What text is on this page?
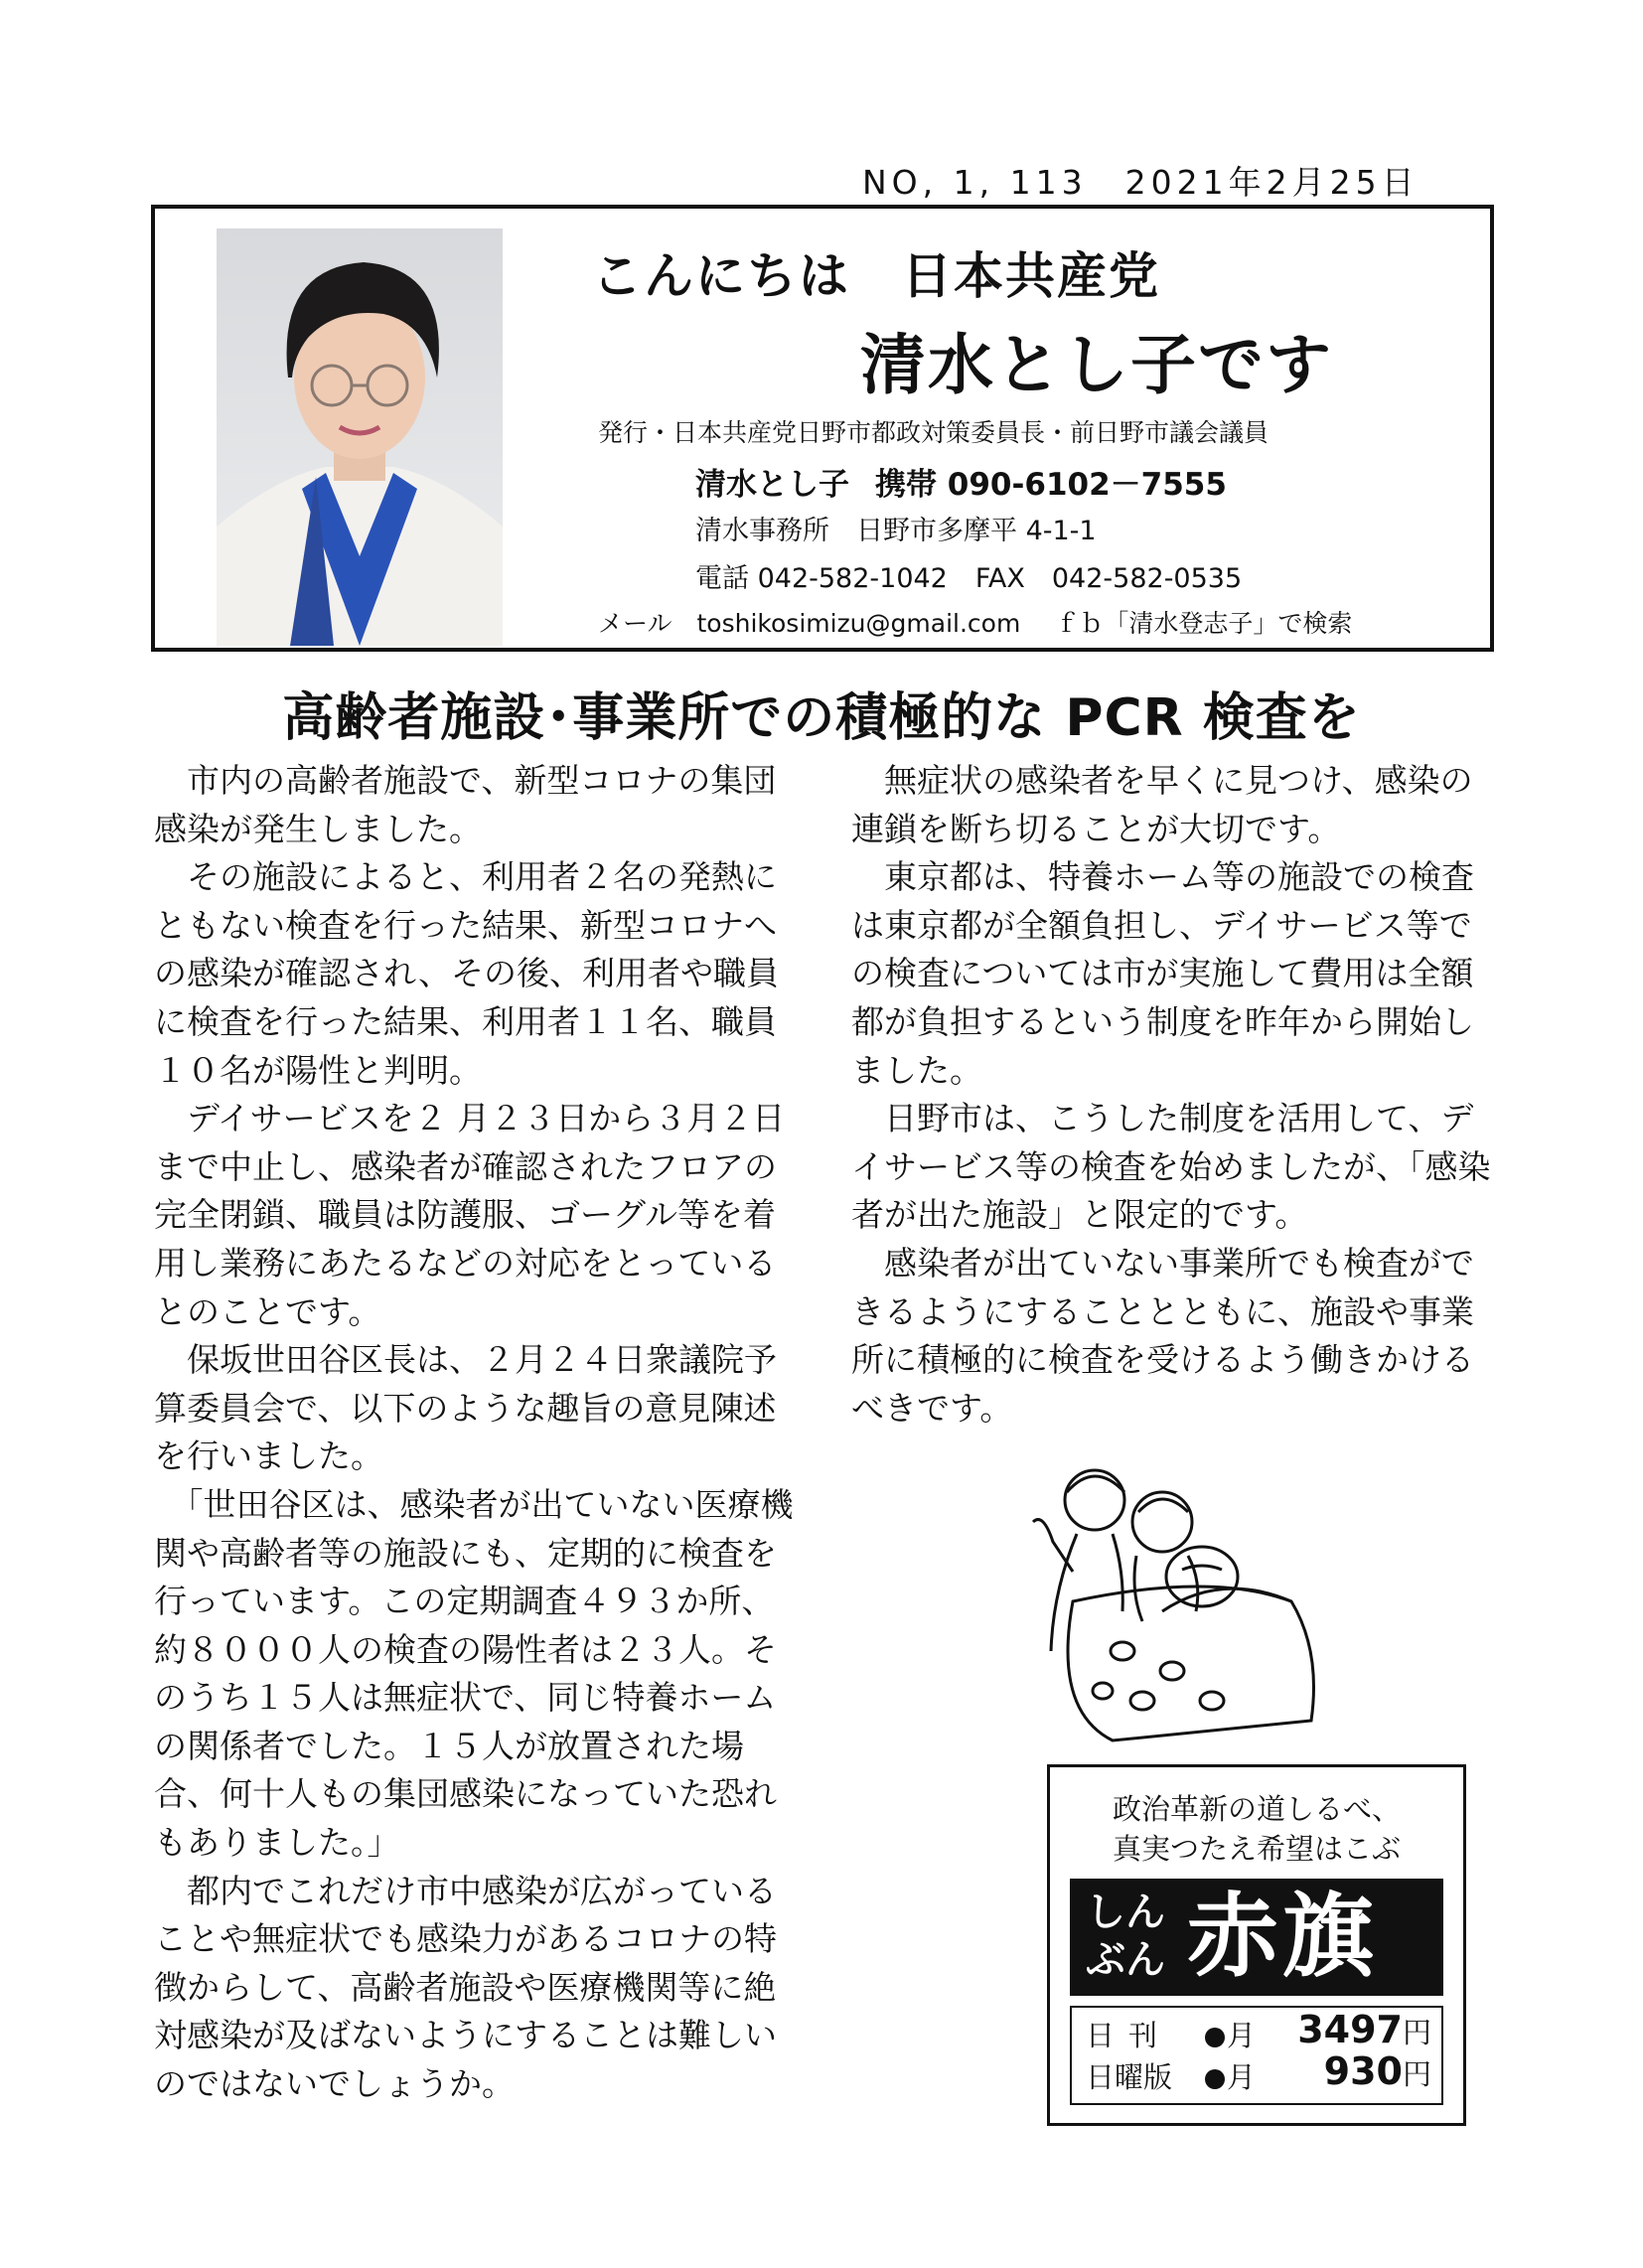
NO, 1, 113　2021年2月25日
こんにちは　日本共産党
清水とし子です
発行・日本共産党日野市都政対策委員長・前日野市議会議員
清水とし子 携帯 090-6102－7555
清水事務所　日野市多摩平 4-1-1
電話 042-582-1042 FAX　042-582-0535
メール　toshikosimizu@gmail.com ｆｂ「清水登志子」で検索
高齢者施設･事業所での積極的な PCR 検査を

　市内の高齢者施設で、新型コロナの集団感染が発生しました。

　その施設によると、利用者２名の発熱にともない検査を行った結果、新型コロナへの感染が確認され、その後、利用者や職員に検査を行った結果、利用者１１名、職員１０名が陽性と判明。

　デイサービスを２ 月２３日から３月２日まで中止し、感染者が確認されたフロアの完全閉鎖、職員は防護服、ゴーグル等を着用し業務にあたるなどの対応をとっているとのことです。

　保坂世田谷区長は、２月２４日衆議院予算委員会で、以下のような趣旨の意見陳述を行いました。

　「世田谷区は、感染者が出ていない医療機関や高齢者等の施設にも、定期的に検査を行っています。この定期調査４９３か所、約８０００人の検査の陽性者は２３人。そのうち１５人は無症状で、同じ特養ホームの関係者でした。１５人が放置された場合、何十人もの集団感染になっていた恐れもありました。」

　都内でこれだけ市中感染が広がっていることや無症状でも感染力があるコロナの特徴からして、高齢者施設や医療機関等に絶対感染が及ばないようにすることは難しいのではないでしょうか。

　無症状の感染者を早くに見つけ、感染の連鎖を断ち切ることが大切です。

　東京都は、特養ホーム等の施設での検査は東京都が全額負担し、デイサービス等での検査については市が実施して費用は全額都が負担するという制度を昨年から開始しました。

　日野市は、こうした制度を活用して、デイサービス等の検査を始めましたが、「感染者が出た施設」と限定的です。

　感染者が出ていない事業所でも検査ができるようにすることとともに、施設や事業所に積極的に検査を受けるよう働きかけるべきです。

政治革新の道しるべ、
真実つたえ希望はこぶ
しん
ぶん 赤旗
日刊 月 3497円
日曜版 月 930円
